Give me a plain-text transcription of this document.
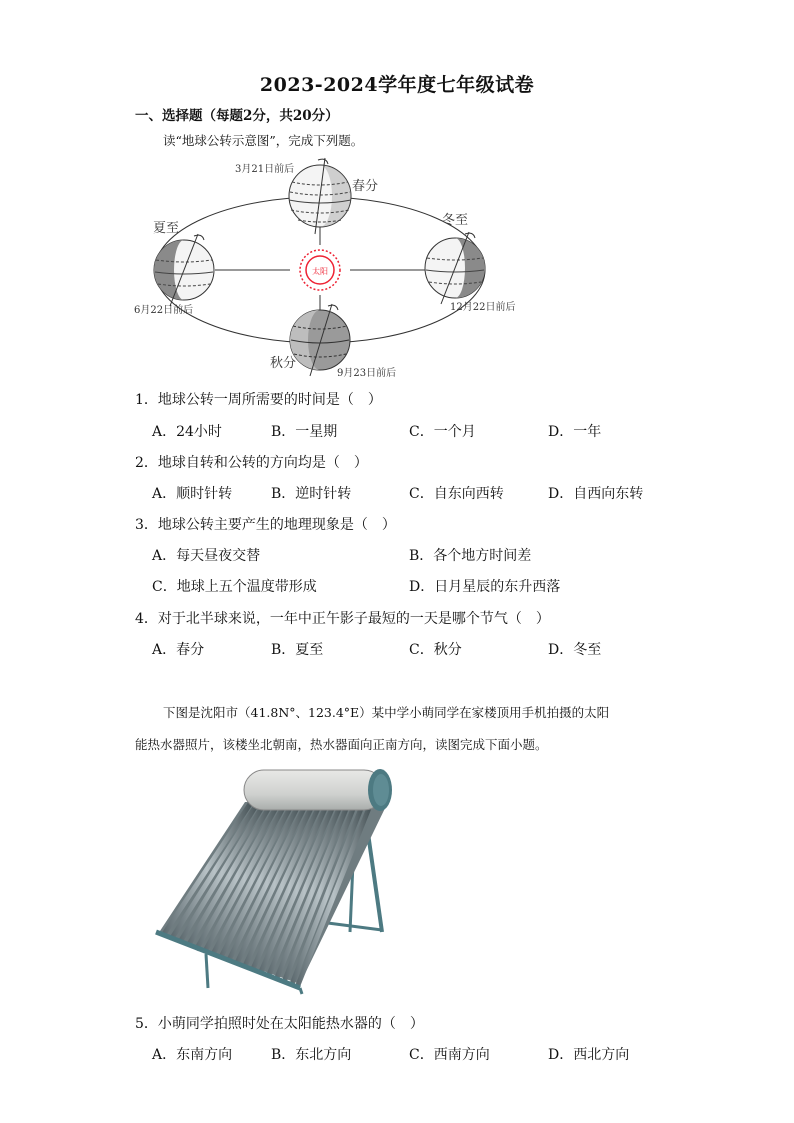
2023-2024学年度七年级试卷
一、选择题（每题2分，共20分）
读“地球公转示意图”，完成下列题。
太阳
3月21日前后
春分
夏至
6月22日前后
冬至
12月22日前后
秋分
9月23日前后
1．地球公转一周所需要的时间是（　）
A．24小时	B．一星期	C．一个月	D．一年
2．地球自转和公转的方向均是（　）
A．顺时针转	B．逆时针转	C．自东向西转	D．自西向东转
3．地球公转主要产生的地理现象是（　）
A．每天昼夜交替	B．各个地方时间差
C．地球上五个温度带形成	D．日月星辰的东升西落
4．对于北半球来说，一年中正午影子最短的一天是哪个节气（　）
A．春分	B．夏至	C．秋分	D．冬至
下图是沈阳市（41.8N°、123.4°E）某中学小萌同学在家楼顶用手机拍摄的太阳
能热水器照片，该楼坐北朝南，热水器面向正南方向，读图完成下面小题。
5．小萌同学拍照时处在太阳能热水器的（　）
A．东南方向	B．东北方向	C．西南方向	D．西北方向
